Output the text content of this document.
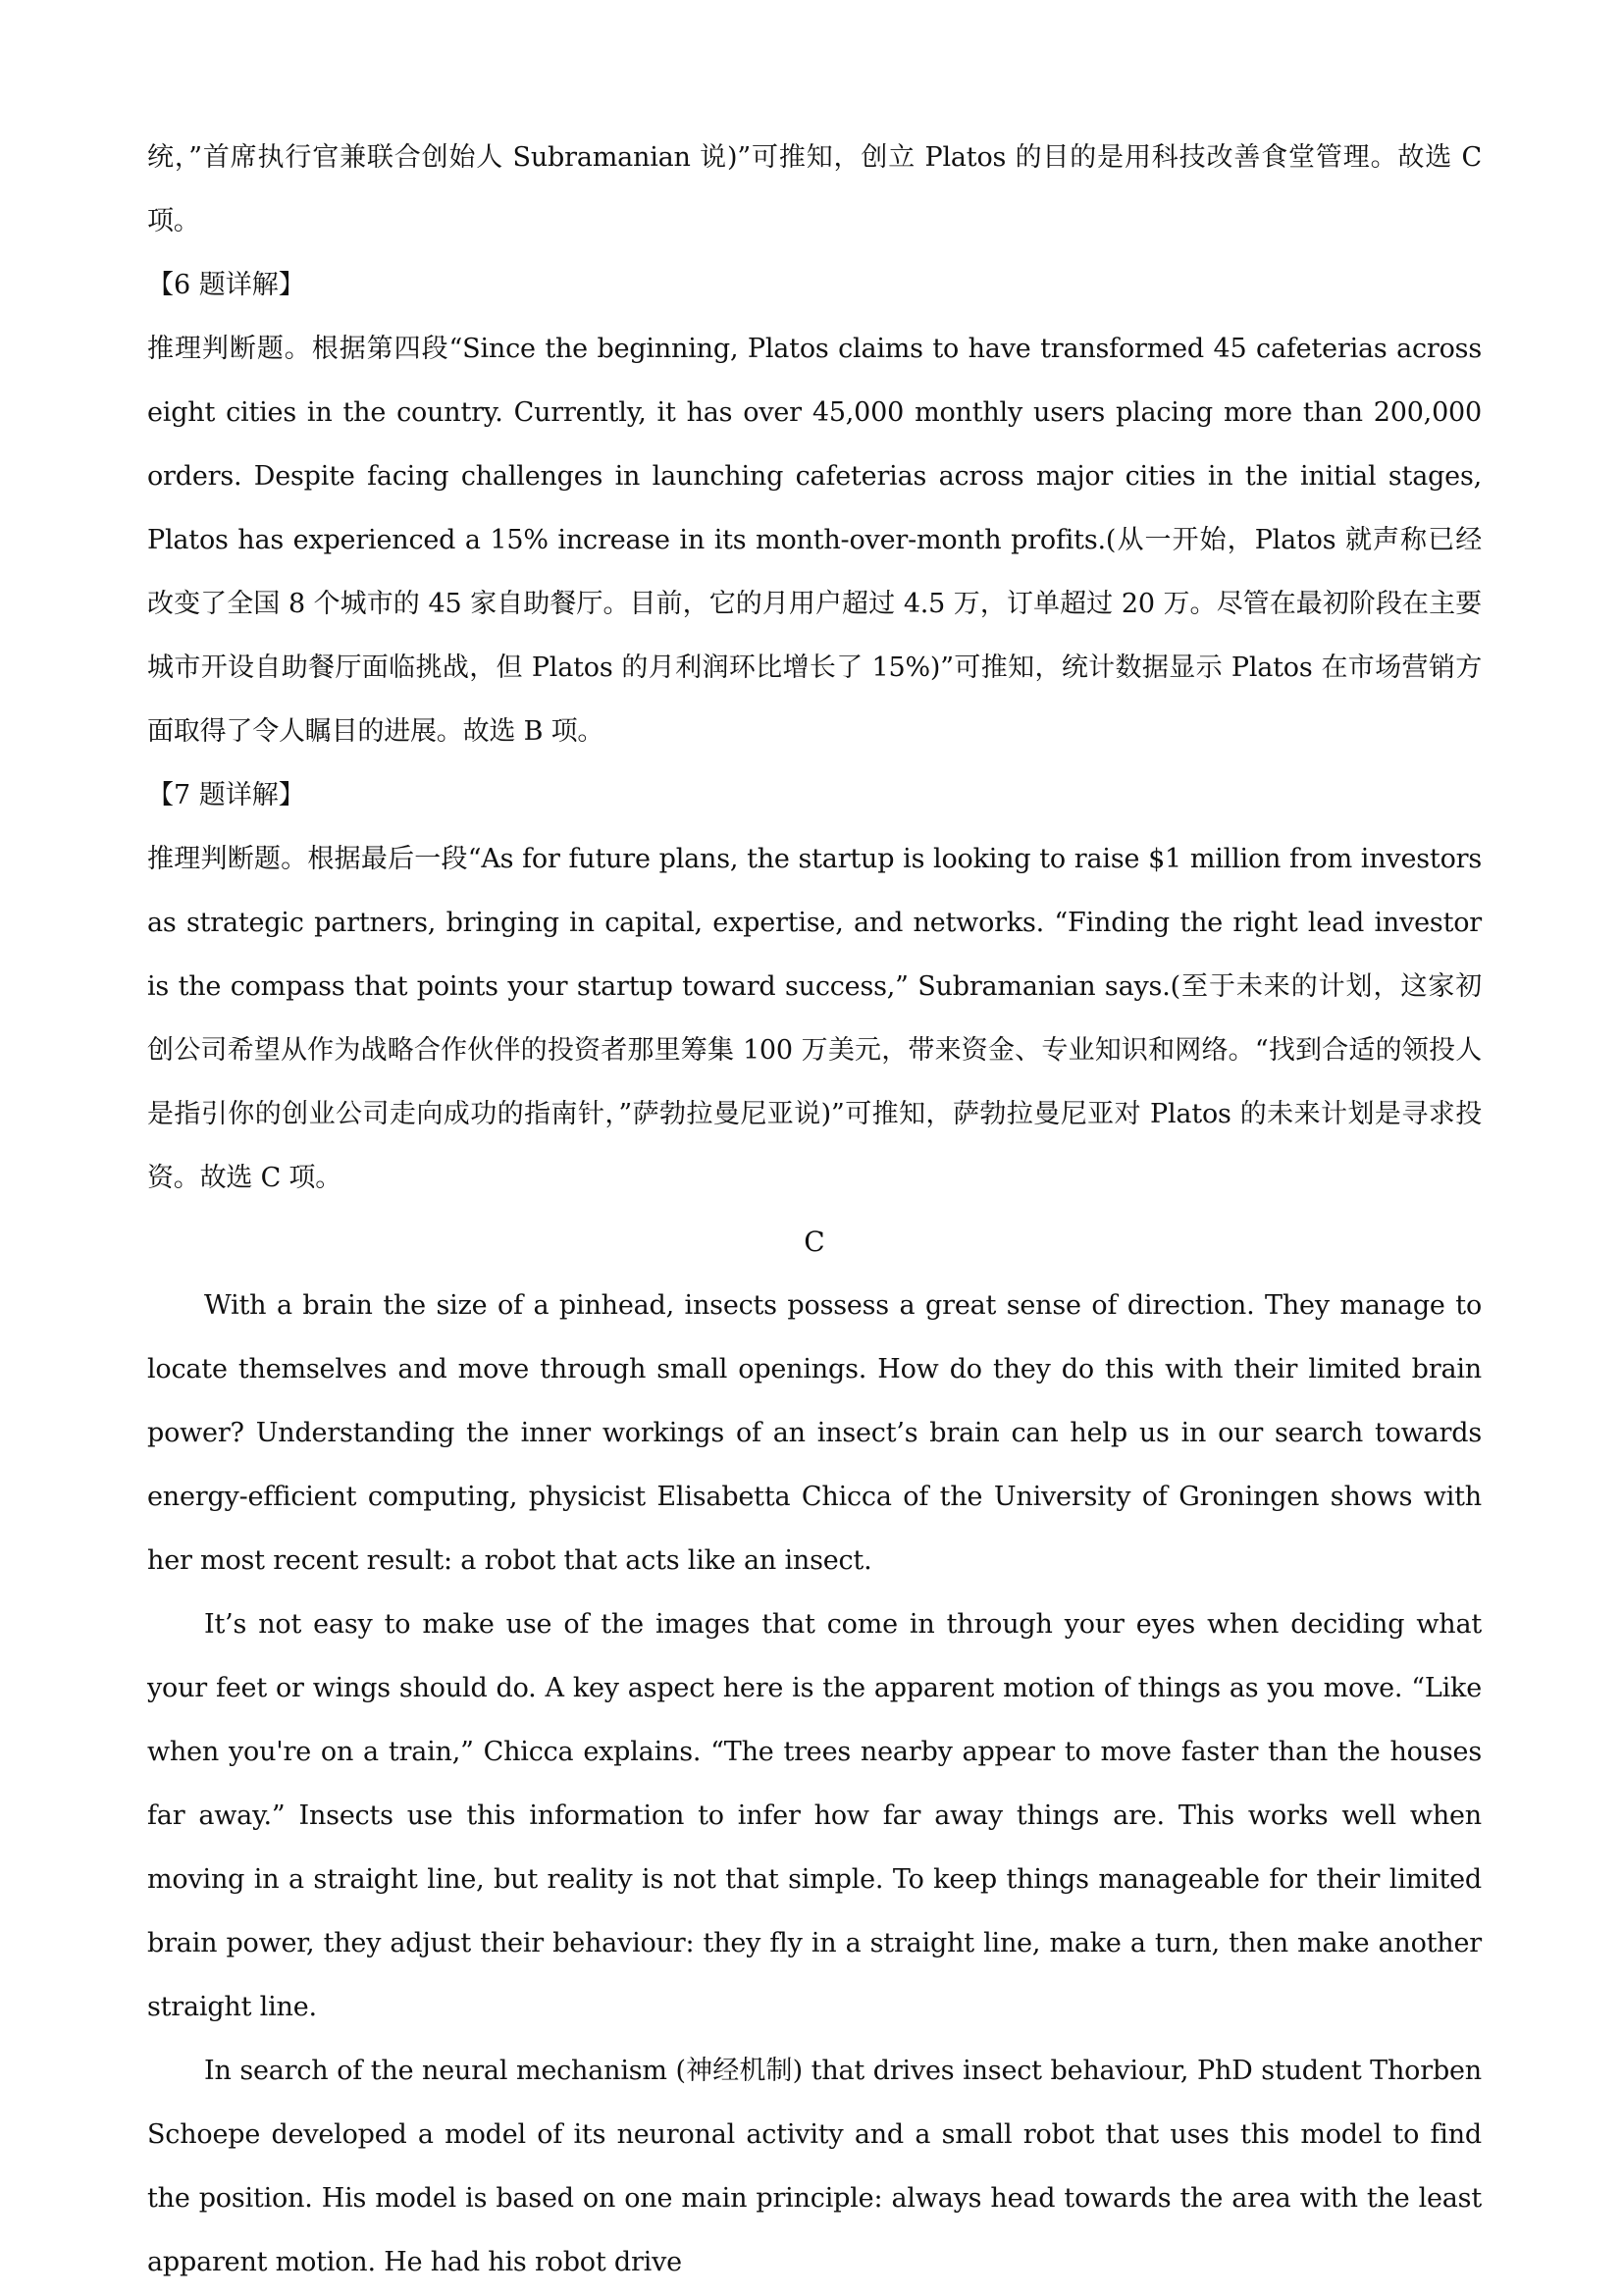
统，”首席执行官兼联合创始人 Subramanian 说)”可推知，创立 Platos 的目的是用科技改善食堂管理。故选 C 项。

【6 题详解】

推理判断题。根据第四段“Since the beginning, Platos claims to have transformed 45 cafeterias across eight cities in the country. Currently, it has over 45,000 monthly users placing more than 200,000 orders. Despite facing challenges in launching cafeterias across major cities in the initial stages, Platos has experienced a 15% increase in its month-over-month profits.(从一开始，Platos 就声称已经改变了全国 8 个城市的 45 家自助餐厅。目前，它的月用户超过 4.5 万，订单超过 20 万。尽管在最初阶段在主要城市开设自助餐厅面临挑战，但 Platos 的月利润环比增长了 15%)”可推知，统计数据显示 Platos 在市场营销方面取得了令人瞩目的进展。故选 B 项。

【7 题详解】

推理判断题。根据最后一段“As for future plans, the startup is looking to raise $1 million from investors as strategic partners, bringing in capital, expertise, and networks. “Finding the right lead investor is the compass that points your startup toward success,” Subramanian says.(至于未来的计划，这家初创公司希望从作为战略合作伙伴的投资者那里筹集 100 万美元，带来资金、专业知识和网络。“找到合适的领投人是指引你的创业公司走向成功的指南针，”萨勃拉曼尼亚说)”可推知，萨勃拉曼尼亚对 Platos 的未来计划是寻求投资。故选 C 项。

C

With a brain the size of a pinhead, insects possess a great sense of direction. They manage to locate themselves and move through small openings. How do they do this with their limited brain power? Understanding the inner workings of an insect’s brain can help us in our search towards energy-efficient computing, physicist Elisabetta Chicca of the University of Groningen shows with her most recent result: a robot that acts like an insect.

It’s not easy to make use of the images that come in through your eyes when deciding what your feet or wings should do. A key aspect here is the apparent motion of things as you move. “Like when you're on a train,” Chicca explains. “The trees nearby appear to move faster than the houses far away.” Insects use this information to infer how far away things are. This works well when moving in a straight line, but reality is not that simple. To keep things manageable for their limited brain power, they adjust their behaviour: they fly in a straight line, make a turn, then make another straight line.

In search of the neural mechanism (神经机制) that drives insect behaviour, PhD student Thorben Schoepe developed a model of its neuronal activity and a small robot that uses this model to find the position. His model is based on one main principle: always head towards the area with the least apparent motion. He had his robot drive
